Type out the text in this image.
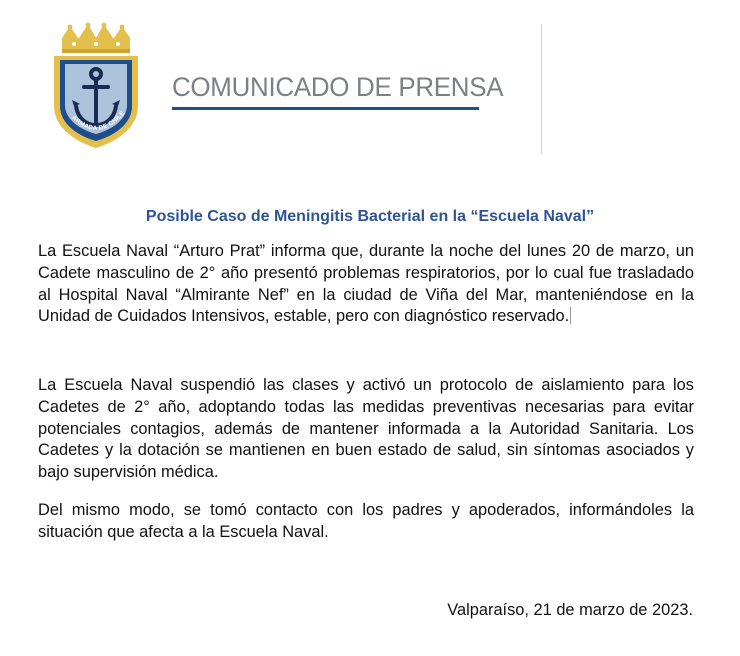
ARMADA DE CHILE
COMUNICADO DE PRENSA

Posible Caso de Meningitis Bacterial en la “Escuela Naval”

La Escuela Naval “Arturo Prat” informa que, durante la noche del lunes 20 de marzo, un Cadete masculino de 2° año presentó problemas respiratorios, por lo cual fue trasladado al Hospital Naval “Almirante Nef” en la ciudad de Viña del Mar, manteniéndose en la Unidad de Cuidados Intensivos, estable, pero con diagnóstico reservado.

La Escuela Naval suspendió las clases y activó un protocolo de aislamiento para los Cadetes de 2° año, adoptando todas las medidas preventivas necesarias para evitar potenciales contagios, además de mantener informada a la Autoridad Sanitaria. Los Cadetes y la dotación se mantienen en buen estado de salud, sin síntomas asociados y bajo supervisión médica.

Del mismo modo, se tomó contacto con los padres y apoderados, informándoles la situación que afecta a la Escuela Naval.

Valparaíso, 21 de marzo de 2023.
